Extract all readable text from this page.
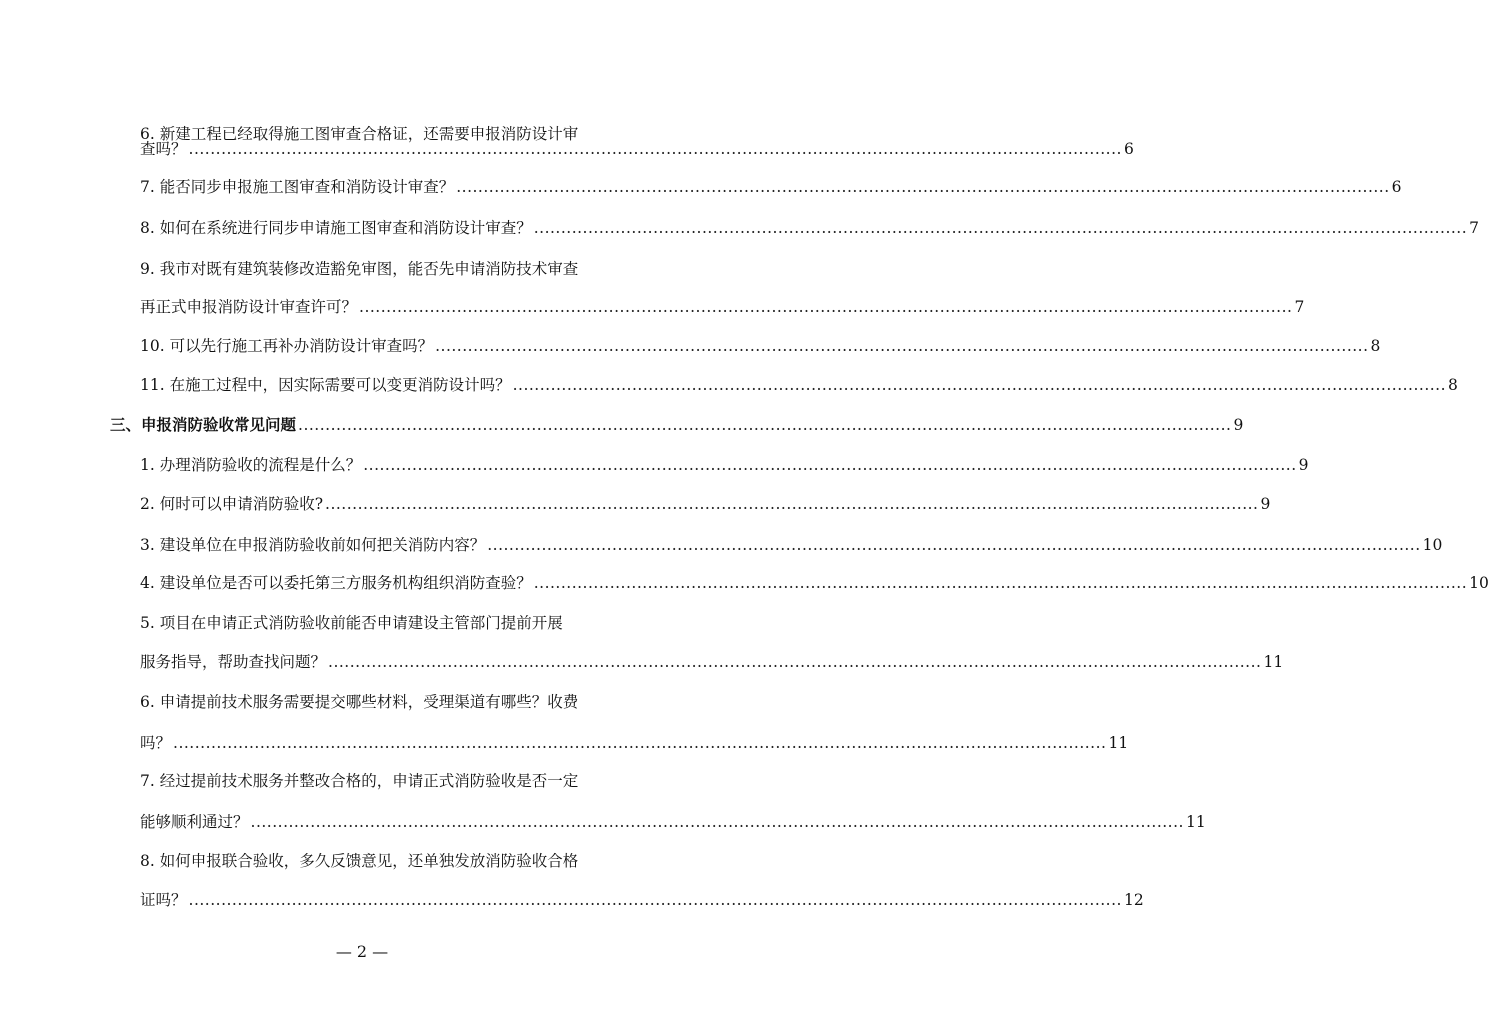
6. 新建工程已经取得施工图审查合格证，还需要申报消防设计审
查吗？ ............................................................................................................................................................................ 6
7. 能否同步申报施工图审查和消防设计审查？ ............................................................................................................................................................................ 6
8. 如何在系统进行同步申请施工图审查和消防设计审查？ ............................................................................................................................................................................ 7
9. 我市对既有建筑装修改造豁免审图，能否先申请消防技术审查
再正式申报消防设计审查许可？ ............................................................................................................................................................................ 7
10. 可以先行施工再补办消防设计审查吗？ ............................................................................................................................................................................ 8
11. 在施工过程中，因实际需要可以变更消防设计吗？ ............................................................................................................................................................................ 8
三、申报消防验收常见问题 ............................................................................................................................................................................ 9
1. 办理消防验收的流程是什么？ ............................................................................................................................................................................ 9
2. 何时可以申请消防验收? ............................................................................................................................................................................ 9
3. 建设单位在申报消防验收前如何把关消防内容？ ............................................................................................................................................................................ 10
4. 建设单位是否可以委托第三方服务机构组织消防查验？ ............................................................................................................................................................................ 10
5. 项目在申请正式消防验收前能否申请建设主管部门提前开展
服务指导，帮助查找问题？ ............................................................................................................................................................................ 11
6. 申请提前技术服务需要提交哪些材料，受理渠道有哪些？收费
吗？ ............................................................................................................................................................................ 11
7. 经过提前技术服务并整改合格的，申请正式消防验收是否一定
能够顺利通过？ ............................................................................................................................................................................ 11
8. 如何申报联合验收，多久反馈意见，还单独发放消防验收合格
证吗？ ............................................................................................................................................................................ 12
— 2 —
